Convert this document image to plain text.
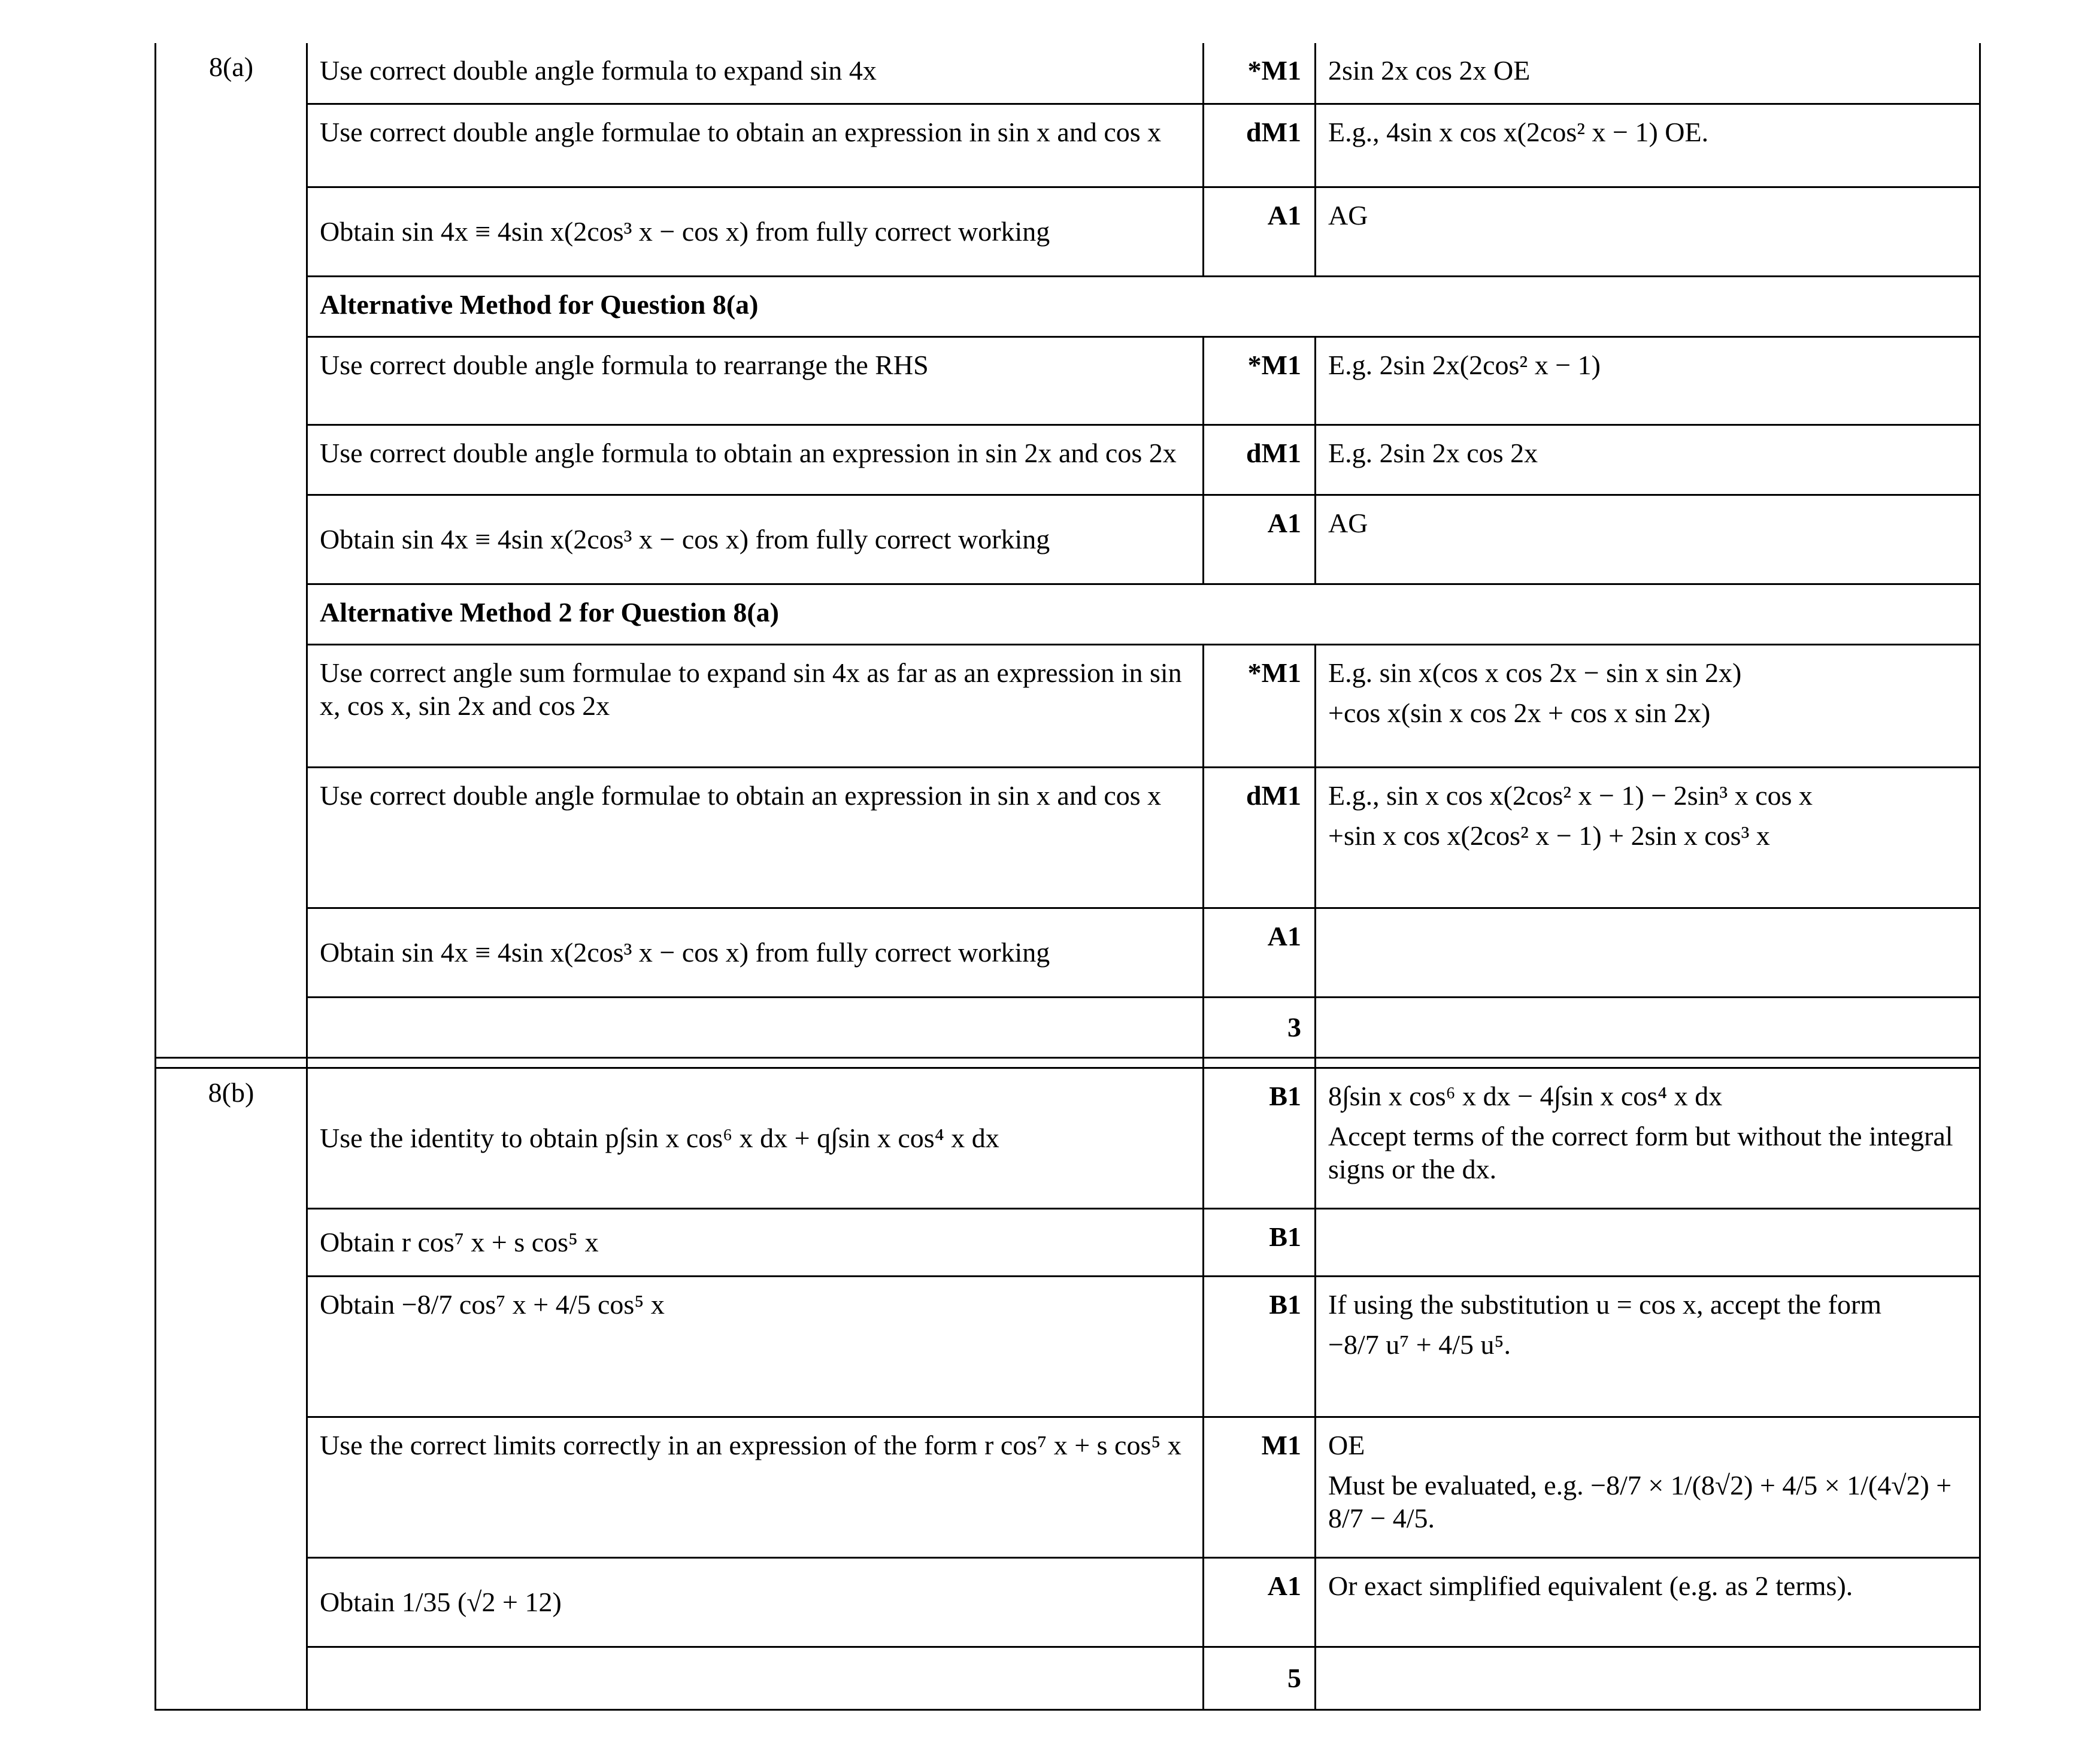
8(a)	Use correct double angle formula to expand sin 4x	*M1	2sin 2x cos 2x OE
	Use correct double angle formulae to obtain an expression in sin x and cos x	dM1	E.g., 4sin x cos x(2cos² x − 1) OE.
	Obtain sin 4x ≡ 4sin x(2cos³ x − cos x) from fully correct working	A1	AG
	Alternative Method for Question 8(a)		
	Use correct double angle formula to rearrange the RHS	*M1	E.g. 2sin 2x(2cos² x − 1)
	Use correct double angle formula to obtain an expression in sin 2x and cos 2x	dM1	E.g. 2sin 2x cos 2x
	Obtain sin 4x ≡ 4sin x(2cos³ x − cos x) from fully correct working	A1	AG
	Alternative Method 2 for Question 8(a)		
	Use correct angle sum formulae to expand sin 4x as far as an expression in sin x, cos x, sin 2x and cos 2x	*M1	E.g. sin x(cos x cos 2x − sin x sin 2x)
+cos x(sin x cos 2x + cos x sin 2x)

	Use correct double angle formulae to obtain an expression in sin x and cos x	dM1	E.g., sin x cos x(2cos² x − 1) − 2sin³ x cos x
+sin x cos x(2cos² x − 1) + 2sin x cos³ x

	Obtain sin 4x ≡ 4sin x(2cos³ x − cos x) from fully correct working	A1	
		3	

8(b)	Use the identity to obtain p∫sin x cos⁶ x dx + q∫sin x cos⁴ x dx	B1	8∫sin x cos⁶ x dx − 4∫sin x cos⁴ x dx
Accept terms of the correct form but without the integral signs or the dx.

	Obtain r cos⁷ x + s cos⁵ x	B1	
	Obtain −8/7 cos⁷ x + 4/5 cos⁵ x	B1	If using the substitution u = cos x, accept the form
−8/7 u⁷ + 4/5 u⁵.

	Use the correct limits correctly in an expression of the form r cos⁷ x + s cos⁵ x	M1	OE
Must be evaluated, e.g. −8/7 × 1/(8√2) + 4/5 × 1/(4√2) + 8/7 − 4/5.

	Obtain 1/35 (√2 + 12)	A1	Or exact simplified equivalent (e.g. as 2 terms).
		5	
